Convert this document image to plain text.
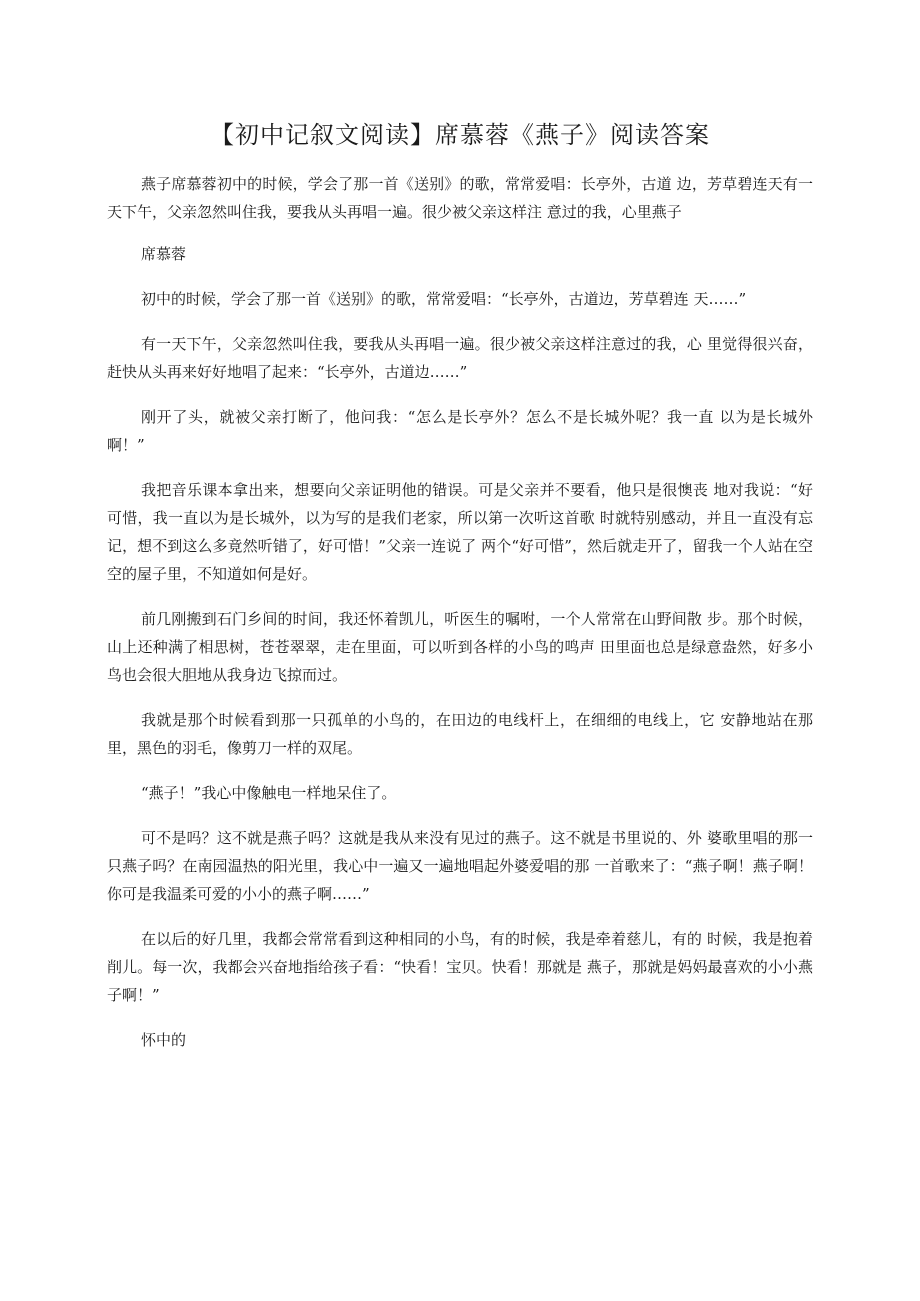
【初中记叙文阅读】席慕蓉《燕子》阅读答案

燕子席慕蓉初中的时候，学会了那一首《送别》的歌，常常爱唱：长亭外，古道 边，芳草碧连天有一天下午，父亲忽然叫住我，要我从头再唱一遍。很少被父亲这样注 意过的我，心里燕子

席慕蓉

初中的时候，学会了那一首《送别》的歌，常常爱唱：“长亭外，古道边，芳草碧连 天……”

有一天下午，父亲忽然叫住我，要我从头再唱一遍。很少被父亲这样注意过的我，心 里觉得很兴奋，赶快从头再来好好地唱了起来：“长亭外，古道边……”

刚开了头，就被父亲打断了，他问我：“怎么是长亭外？怎么不是长城外呢？我一直 以为是长城外啊！”

我把音乐课本拿出来，想要向父亲证明他的错误。可是父亲并不要看，他只是很懊丧 地对我说：“好可惜，我一直以为是长城外，以为写的是我们老家，所以第一次听这首歌 时就特别感动，并且一直没有忘记，想不到这么多竟然听错了，好可惜！”父亲一连说了 两个“好可惜”，然后就走开了，留我一个人站在空空的屋子里，不知道如何是好。

前几刚搬到石门乡间的时间，我还怀着凯儿，听医生的嘱咐，一个人常常在山野间散 步。那个时候，山上还种满了相思树，苍苍翠翠，走在里面，可以听到各样的小鸟的鸣声 田里面也总是绿意盎然，好多小鸟也会很大胆地从我身边飞掠而过。

我就是那个时候看到那一只孤单的小鸟的，在田边的电线杆上，在细细的电线上，它 安静地站在那里，黑色的羽毛，像剪刀一样的双尾。

“燕子！”我心中像触电一样地呆住了。

可不是吗？这不就是燕子吗？这就是我从来没有见过的燕子。这不就是书里说的、外 婆歌里唱的那一只燕子吗？在南园温热的阳光里，我心中一遍又一遍地唱起外婆爱唱的那 一首歌来了：“燕子啊！燕子啊！你可是我温柔可爱的小小的燕子啊……”

在以后的好几里，我都会常常看到这种相同的小鸟，有的时候，我是牵着慈儿，有的 时候，我是抱着削儿。每一次，我都会兴奋地指给孩子看：“快看！宝贝。快看！那就是 燕子，那就是妈妈最喜欢的小小燕子啊！”

怀中的
